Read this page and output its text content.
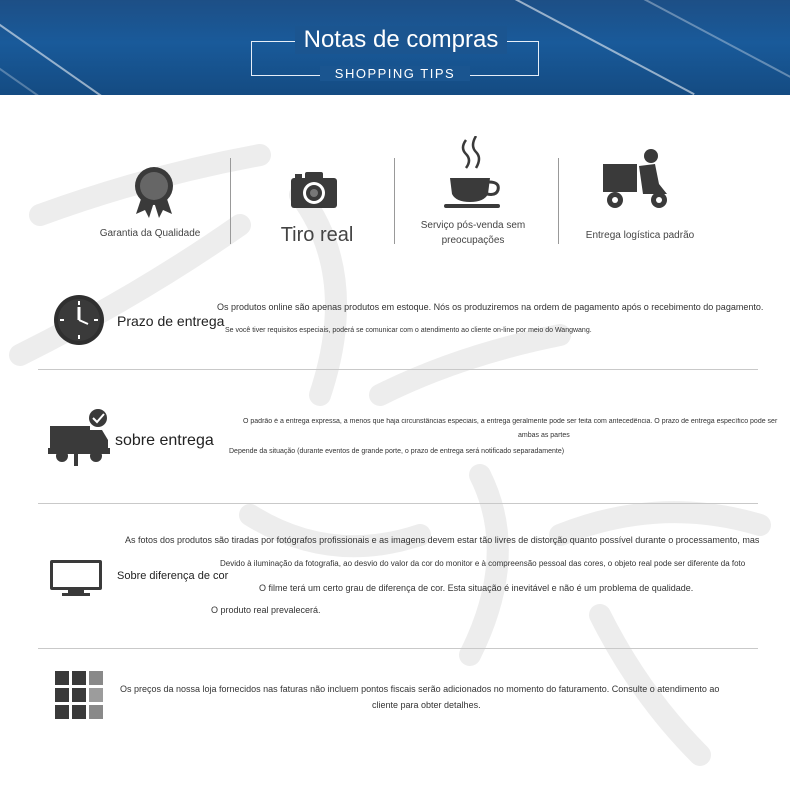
Notas de compras
SHOPPING TIPS
Garantia da Qualidade	Tiro real	Serviço pós-venda sem preocupações	Entrega logística padrão
Prazo de entrega
Os produtos online são apenas produtos em estoque. Nós os produziremos na ordem de pagamento após o recebimento do pagamento.
Se você tiver requisitos especiais, poderá se comunicar com o atendimento ao cliente on-line por meio do Wangwang.
sobre entrega
O padrão é a entrega expressa, a menos que haja circunstâncias especiais, a entrega geralmente pode ser feita com antecedência. O prazo de entrega específico pode ser
ambas as partes
Depende da situação (durante eventos de grande porte, o prazo de entrega será notificado separadamente)
Sobre diferença de cor
As fotos dos produtos são tiradas por fotógrafos profissionais e as imagens devem estar tão livres de distorção quanto possível durante o processamento, mas
Devido à iluminação da fotografia, ao desvio do valor da cor do monitor e à compreensão pessoal das cores, o objeto real pode ser diferente da foto
O filme terá um certo grau de diferença de cor. Esta situação é inevitável e não é um problema de qualidade.
O produto real prevalecerá.
Os preços da nossa loja fornecidos nas faturas não incluem pontos fiscais serão adicionados no momento do faturamento. Consulte o atendimento ao
cliente para obter detalhes.
